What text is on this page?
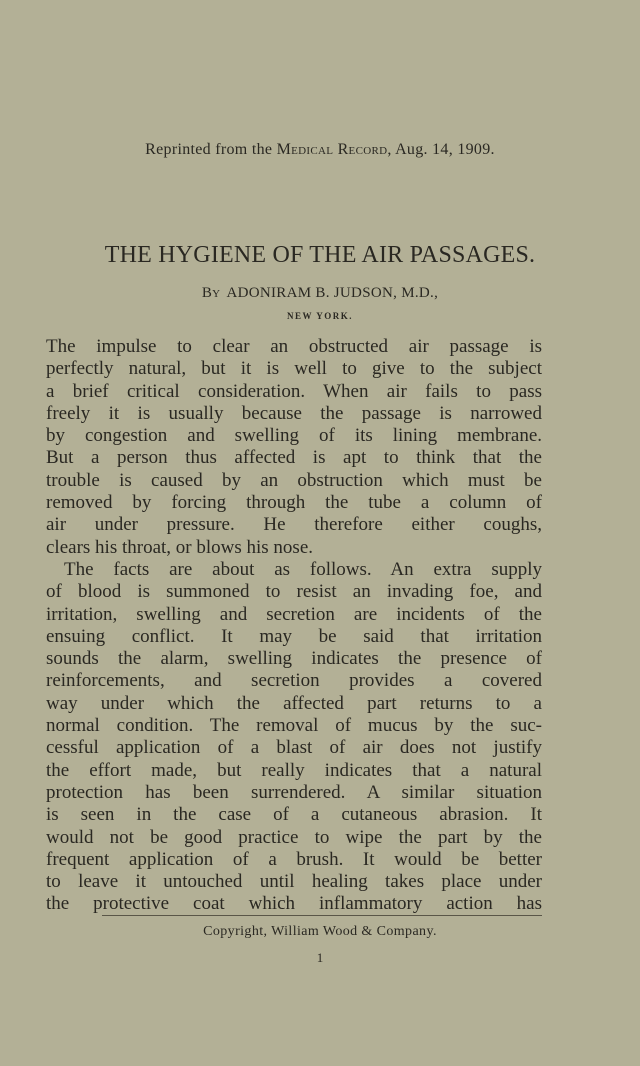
Reprinted from the Medical Record, Aug. 14, 1909.
THE HYGIENE OF THE AIR PASSAGES.
By ADONIRAM B. JUDSON, M.D.,
NEW YORK.
The impulse to clear an obstructed air passage is
perfectly natural, but it is well to give to the subject
a brief critical consideration. When air fails to pass
freely it is usually because the passage is narrowed
by congestion and swelling of its lining membrane.
But a person thus affected is apt to think that the
trouble is caused by an obstruction which must be
removed by forcing through the tube a column of
air under pressure. He therefore either coughs,
clears his throat, or blows his nose.
The facts are about as follows. An extra supply
of blood is summoned to resist an invading foe, and
irritation, swelling and secretion are incidents of the
ensuing conflict. It may be said that irritation
sounds the alarm, swelling indicates the presence of
reinforcements, and secretion provides a covered
way under which the affected part returns to a
normal condition. The removal of mucus by the suc-
cessful application of a blast of air does not justify
the effort made, but really indicates that a natural
protection has been surrendered. A similar situation
is seen in the case of a cutaneous abrasion. It
would not be good practice to wipe the part by the
frequent application of a brush. It would be better
to leave it untouched until healing takes place under
the protective coat which inflammatory action has
Copyright, William Wood & Company.
1
